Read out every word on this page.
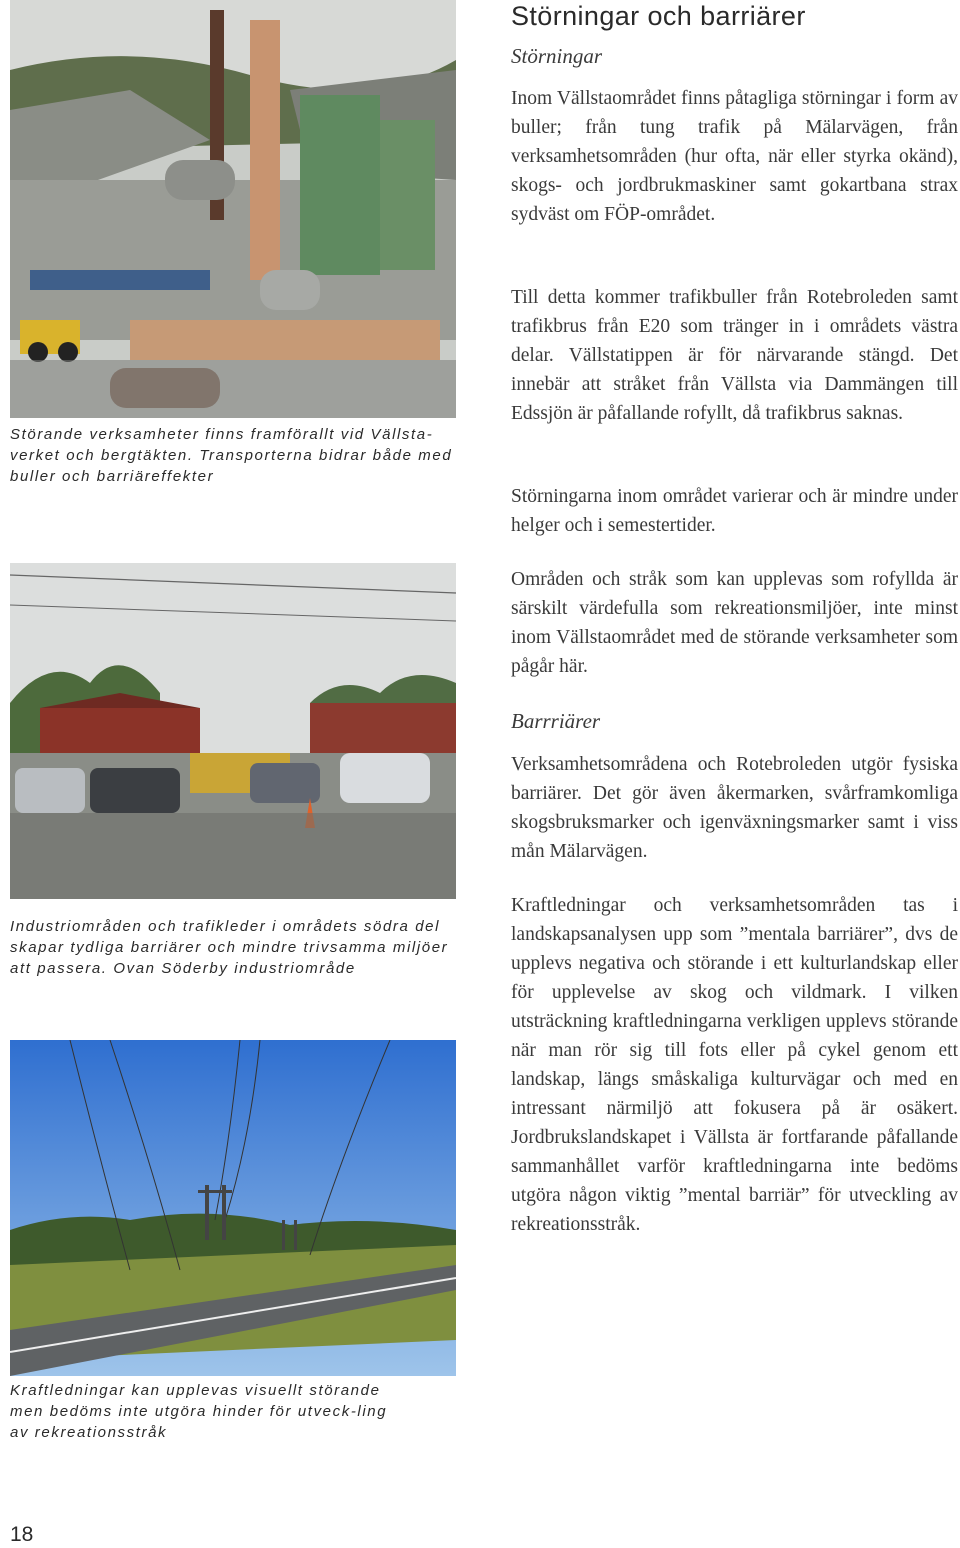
Störande verksamheter finns framförallt vid Vällsta-verket och bergtäkten. Transporterna bidrar både med buller och barriäreffekter
Industriområden och trafikleder i områdets södra del skapar tydliga barriärer och mindre trivsamma miljöer att passera. Ovan Söderby industriområde
Kraftledningar kan upplevas visuellt störande men bedöms inte utgöra hinder för utveck-ling av rekreationsstråk
Störningar och barriärer
Störningar

Inom Vällstaområdet finns påtagliga störningar i form av buller; från tung trafik på Mälarvägen, från verksamhetsområden (hur ofta, när eller styrka okänd), skogs- och jordbrukmaskiner samt gokartbana strax sydväst om FÖP-området.

Till detta kommer trafikbuller från Rotebroleden samt trafikbrus från E20 som tränger in i områdets västra delar. Vällstatippen är för närvarande stängd. Det innebär att stråket från Vällsta via Dammängen till Edssjön är påfallande rofyllt, då trafikbrus saknas.

Störningarna inom området varierar och är mindre under helger och i semestertider.

Områden och stråk som kan upplevas som rofyllda är särskilt värdefulla som rekreationsmiljöer, inte minst inom Vällstaområdet med de störande verksamheter som pågår här.

Barrriärer

Verksamhetsområdena och Rotebroleden utgör fysiska barriärer. Det gör även åkermarken, svårframkomliga skogsbruksmarker och igenväxningsmarker samt i viss mån Mälarvägen.

Kraftledningar och verksamhetsområden tas i landskapsanalysen upp som ”mentala barriärer”, dvs de upplevs negativa och störande i ett kulturlandskap eller för upplevelse av skog och vildmark. I vilken utsträckning kraftledningarna verkligen upplevs störande när man rör sig till fots eller på cykel genom ett landskap, längs småskaliga kulturvägar och med en intressant närmiljö att fokusera på är osäkert. Jordbrukslandskapet i Vällsta är fortfarande påfallande sammanhållet varför kraftledningarna inte bedöms utgöra någon viktig ”mental barriär” för utveckling av rekreationsstråk.

18
